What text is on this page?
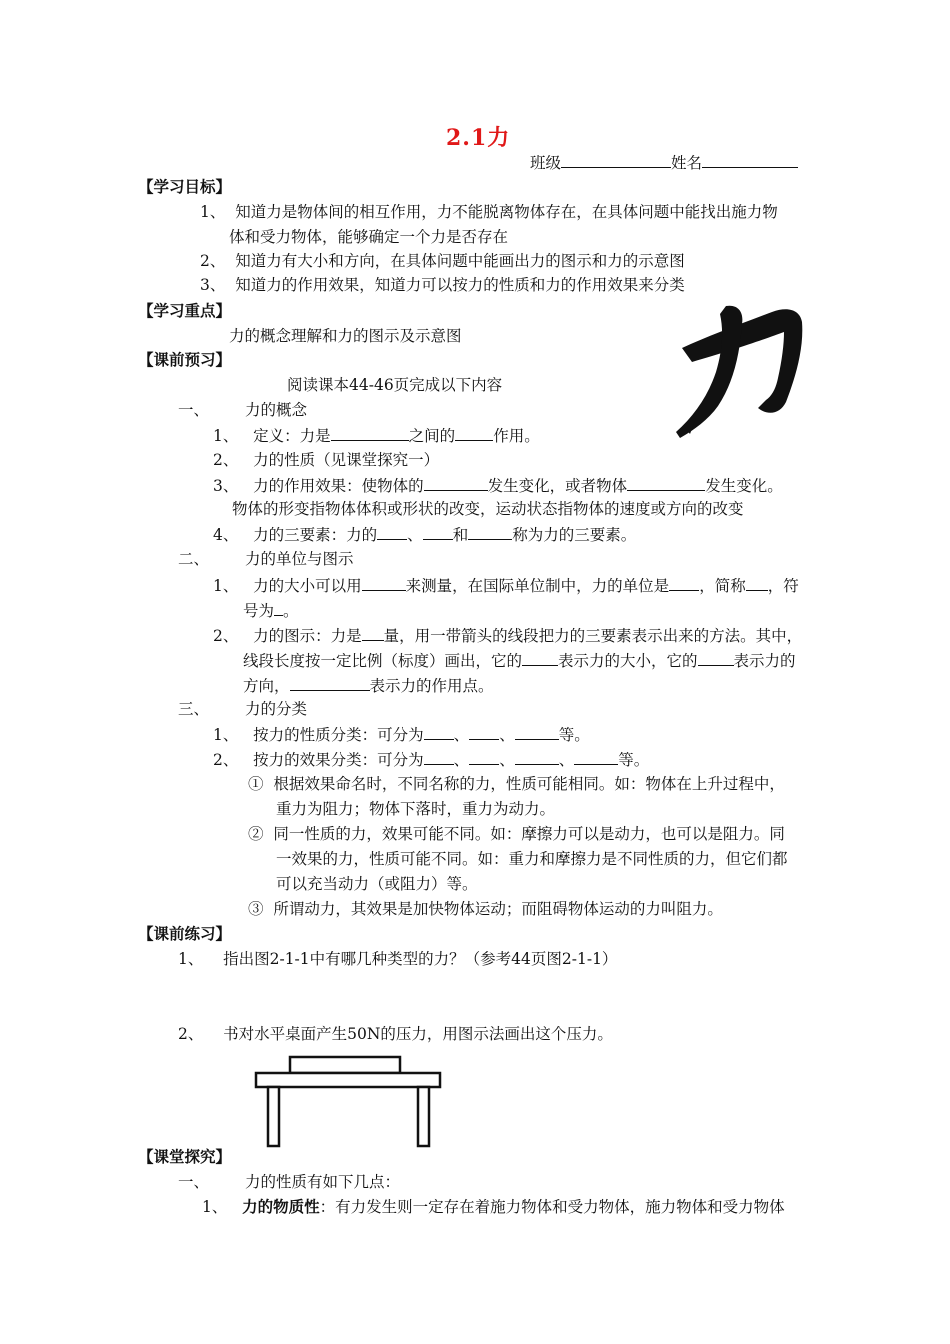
2.1力
班级	姓名
【学习目标】
1、 知道力是物体间的相互作用，力不能脱离物体存在，在具体问题中能找出施力物
体和受力物体，能够确定一个力是否存在
2、 知道力有大小和方向，在具体问题中能画出力的图示和力的示意图
3、 知道力的作用效果，知道力可以按力的性质和力的作用效果来分类
【学习重点】
力的概念理解和力的图示及示意图
【课前预习】
阅读课本44-46页完成以下内容
一、 力的概念
1、 定义：力是	之间的 作用。
2、 力的性质（见课堂探究一）
3、 力的作用效果：使物体的	发生变化，或者物体	发生变化。
物体的形变指物体体积或形状的改变，运动状态指物体的速度或方向的改变
4、 力的三要素：力的 、 和	称为力的三要素。
二、 力的单位与图示
1、 力的大小可以用	来测量，在国际单位制中，力的单位是 ，简称 ，符
号为 。
2、 力的图示：力是 量，用一带箭头的线段把力的三要素表示出来的方法。其中，
线段长度按一定比例（标度）画出，它的 表示力的大小，它的 表示力的
方向，	表示力的作用点。
三、 力的分类
1、 按力的性质分类：可分为 、 、	等。
2、 按力的效果分类：可分为 、 、	、	等。
① 根据效果命名时，不同名称的力，性质可能相同。如：物体在上升过程中，
重力为阻力；物体下落时，重力为动力。
② 同一性质的力，效果可能不同。如：摩擦力可以是动力，也可以是阻力。同
一效果的力，性质可能不同。如：重力和摩擦力是不同性质的力，但它们都
可以充当动力（或阻力）等。
③ 所谓动力，其效果是加快物体运动；而阻碍物体运动的力叫阻力。
【课前练习】
1、 指出图2-1-1中有哪几种类型的力？（参考44页图2-1-1）
2、 书对水平桌面产生50N的压力，用图示法画出这个压力。
【课堂探究】
一、 力的性质有如下几点：
1、 力的物质性：有力发生则一定存在着施力物体和受力物体，施力物体和受力物体
